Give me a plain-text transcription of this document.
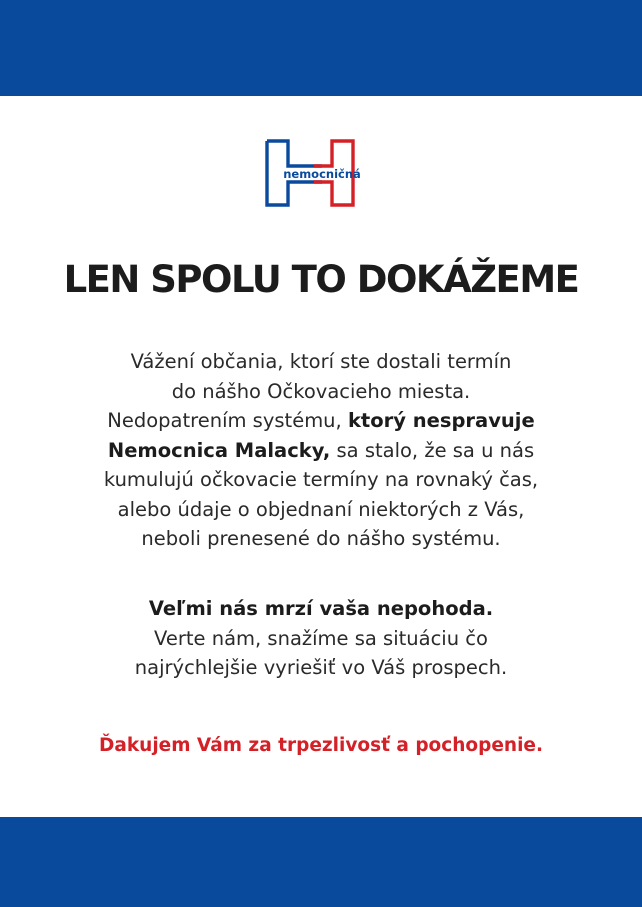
nemocničná
LEN SPOLU TO DOKÁŽEME
Vážení občania, ktorí ste dostali termín
do nášho Očkovacieho miesta.
Nedopatrením systému, ktorý nespravuje
Nemocnica Malacky, sa stalo, že sa u nás
kumulujú očkovacie termíny na rovnaký čas,
alebo údaje o objednaní niektorých z Vás,
neboli prenesené do nášho systému.
Veľmi nás mrzí vaša nepohoda.
Verte nám, snažíme sa situáciu čo
najrýchlejšie vyriešiť vo Váš prospech.
Ďakujem Vám za trpezlivosť a pochopenie.
